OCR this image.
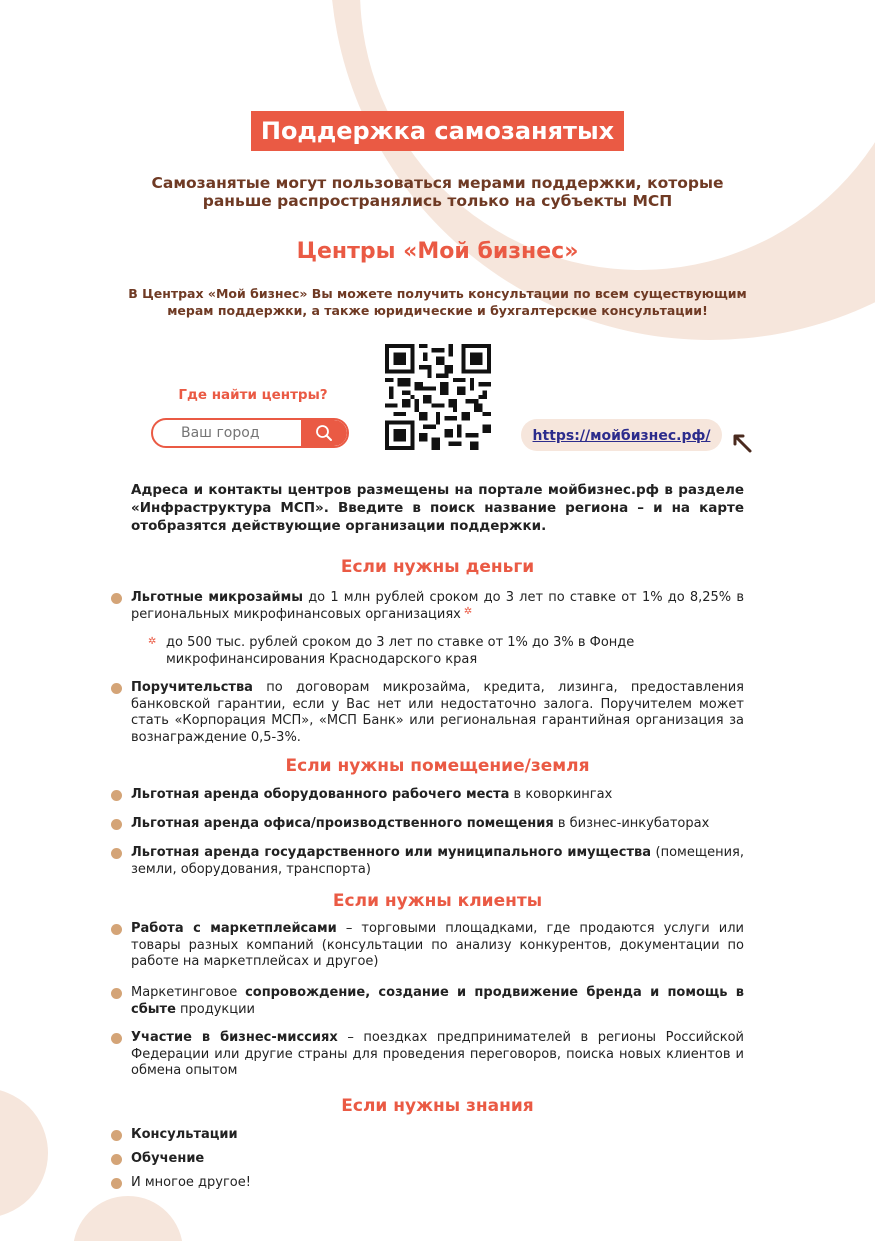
Поддержка самозанятых
Самозанятые могут пользоваться мерами поддержки, которые раньше распространялись только на субъекты МСП
Центры «Мой бизнес»
В Центрах «Мой бизнес» Вы можете получить консультации по всем существующим мерам поддержки, а также юридические и бухгалтерские консультации!
Где найти центры?
Ваш город
https://мойбизнес.рф/
Адреса и контакты центров размещены на портале мойбизнес.рф в разделе «Инфраструктура МСП». Введите в поиск название региона – и на карте отобразятся действующие организации поддержки.
Если нужны деньги
Льготные микрозаймы до 1 млн рублей сроком до 3 лет по ставке от 1% до 8,25% в региональных микрофинансовых организациях ✲
✲ до 500 тыс. рублей сроком до 3 лет по ставке от 1% до 3% в Фонде микрофинансирования Краснодарского края
Поручительства по договорам микрозайма, кредита, лизинга, предоставления банковской гарантии, если у Вас нет или недостаточно залога. Поручителем может стать «Корпорация МСП», «МСП Банк» или региональная гарантийная организация за вознаграждение 0,5-3%.
Если нужны помещение/земля
Льготная аренда оборудованного рабочего места в коворкингах
Льготная аренда офиса/производственного помещения в бизнес-инкубаторах
Льготная аренда государственного или муниципального имущества (помещения, земли, оборудования, транспорта)
Если нужны клиенты
Работа с маркетплейсами – торговыми площадками, где продаются услуги или товары разных компаний (консультации по анализу конкурентов, документации по работе на маркетплейсах и другое)
Маркетинговое сопровождение, создание и продвижение бренда и помощь в сбыте продукции
Участие в бизнес-миссиях – поездках предпринимателей в регионы Российской Федерации или другие страны для проведения переговоров, поиска новых клиентов и обмена опытом
Если нужны знания
Консультации
Обучение
И многое другое!
